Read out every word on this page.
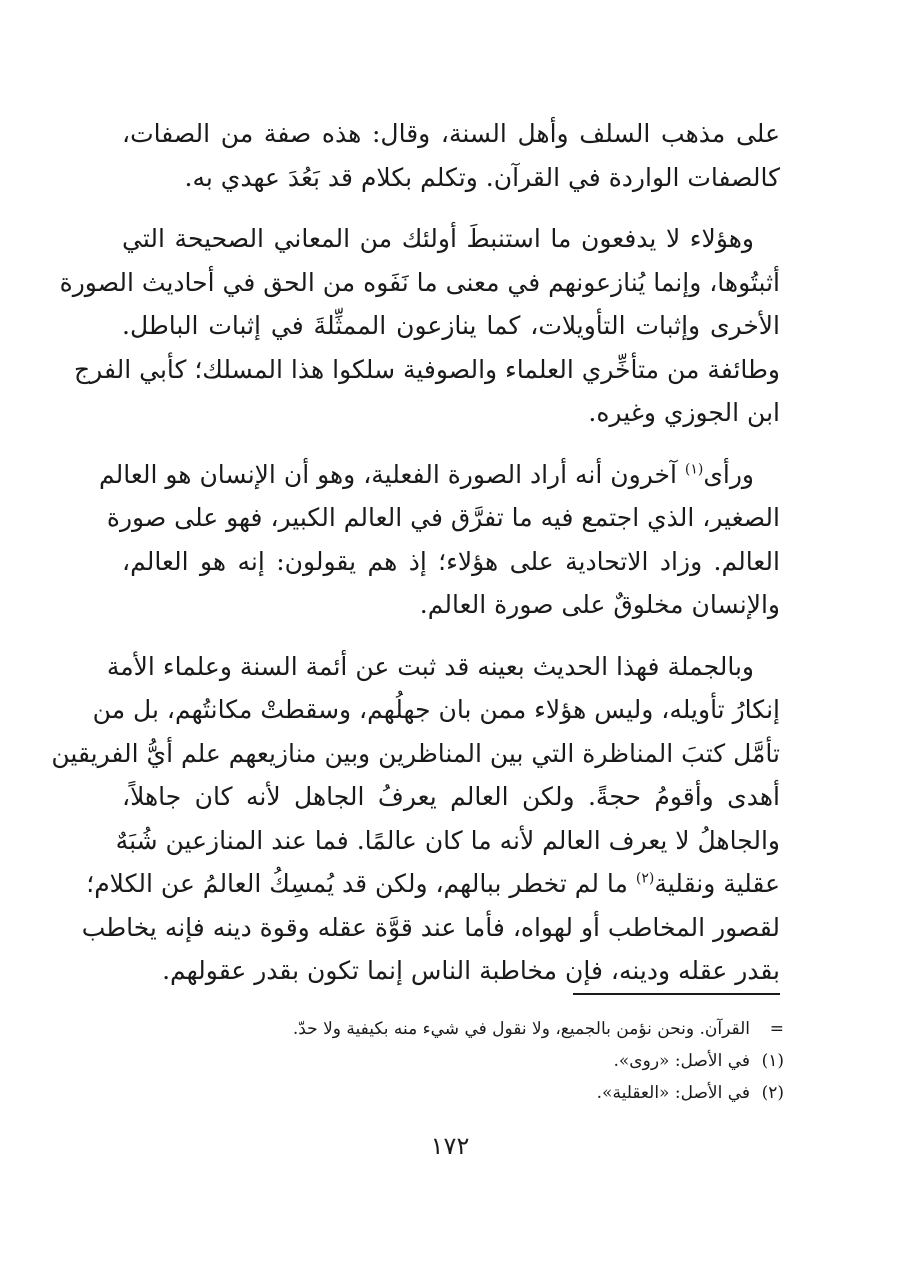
على مذهب السلف وأهل السنة، وقال: هذه صفة من الصفات،
كالصفات الواردة في القرآن. وتكلم بكلام قد بَعُدَ عهدي به.

وهؤلاء لا يدفعون ما استنبطَ أولئك من المعاني الصحيحة التي
أثبتُوها، وإنما يُنازعونهم في معنى ما نَفَوه من الحق في أحاديث الصورة
الأخرى وإثبات التأويلات، كما ينازعون الممثِّلةَ في إثبات الباطل.
وطائفة من متأخِّري العلماء والصوفية سلكوا هذا المسلك؛ كأبي الفرج
ابن الجوزي وغيره.

ورأى$^{(١)}$ آخرون أنه أراد الصورة الفعلية، وهو أن الإنسان هو العالم
الصغير، الذي اجتمع فيه ما تفرَّق في العالم الكبير، فهو على صورة
العالم. وزاد الاتحادية على هؤلاء؛ إذ هم يقولون: إنه هو العالم،
والإنسان مخلوقٌ على صورة العالم.

وبالجملة فهذا الحديث بعينه قد ثبت عن أئمة السنة وعلماء الأمة
إنكارُ تأويله، وليس هؤلاء ممن بان جهلُهم، وسقطتْ مكانتُهم، بل من
تأمَّل كتبَ المناظرة التي بين المناظرين وبين منازيعهم علم أيُّ الفريقين
أهدى وأقومُ حجةً. ولكن العالم يعرفُ الجاهل لأنه كان جاهلاً،
والجاهلُ لا يعرف العالم لأنه ما كان عالمًا. فما عند المنازعين شُبَهٌ
عقلية ونقلية$^{(٢)}$ ما لم تخطر ببالهم، ولكن قد يُمسِكُ العالمُ عن الكلام؛
لقصور المخاطب أو لهواه، فأما عند قوَّة عقله وقوة دينه فإنه يخاطب
بقدر عقله ودينه، فإن مخاطبة الناس إنما تكون بقدر عقولهم.

=
القرآن. ونحن نؤمن بالجميع، ولا نقول في شيء منه بكيفية ولا حدّ.
(١)
في الأصل: «روى».
(٢)
في الأصل: «العقلية».
١٧٢
